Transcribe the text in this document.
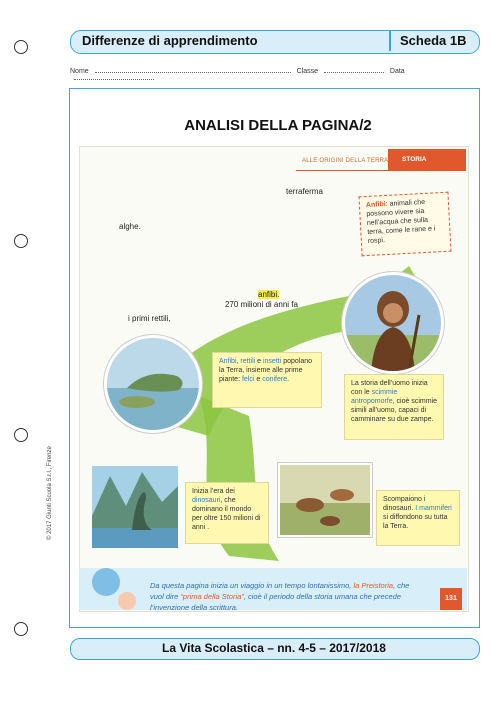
Differenze di apprendimento	Scheda 1B
Nome	Classe	Data
ANALISI DELLA PAGINA/2
ALLE ORIGINI DELLA TERRA STORIA
terraferma
alghe.
anfibi.
270 milioni di anni fa
i primi rettili,
Anfibi: animali che possono vivere sia nell’acqua che sulla terra, come le rane e i rospi.
Anfibi, rettili e insetti popolano la Terra, insieme alle prime piante: felci e conifere.
La storia dell’uomo inizia con le scimmie antropomorfe, cioè scimmie simili all’uomo, capaci di camminare su due zampe.
Inizia l’era dei dinosauri, che dominano il mondo per oltre 150 milioni di anni .
Scompaiono i dinosauri. I mammiferi si diffondono su tutta la Terra.
Da questa pagina inizia un viaggio in un tempo lontanissimo, la Preistoria, che vuol dire “prima della Storia”, cioè il periodo della storia umana che precede l’invenzione della scrittura.
131
© 2017 Giunti Scuola S.r.l., Firenze
La Vita Scolastica – nn. 4-5 – 2017/2018
